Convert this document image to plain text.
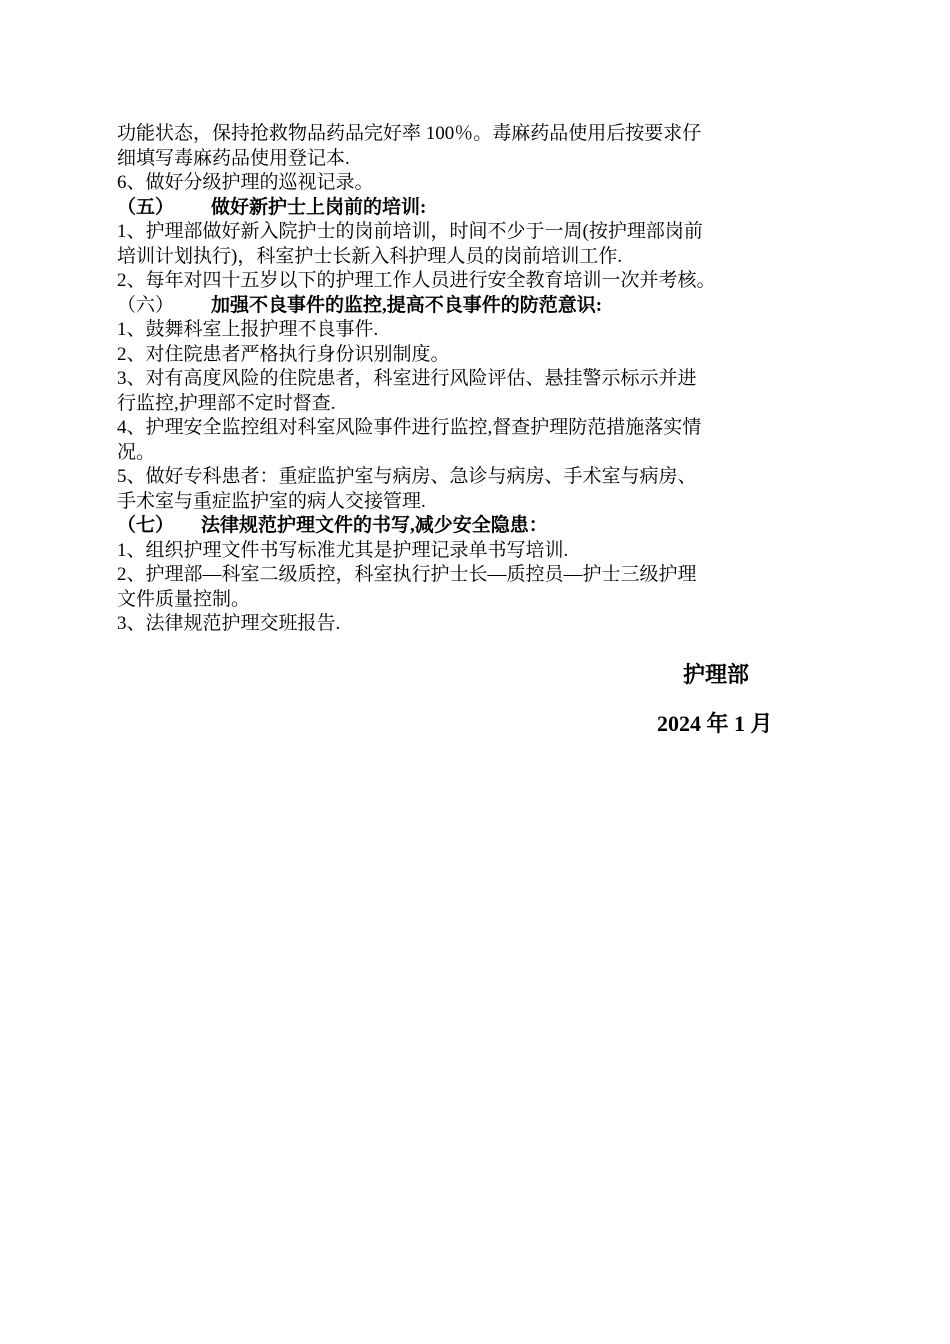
功能状态，保持抢救物品药品完好率 100％。毒麻药品使用后按要求仔

细填写毒麻药品使用登记本.

6、做好分级护理的巡视记录。

（五） 做好新护士上岗前的培训:

1、护理部做好新入院护士的岗前培训，时间不少于一周(按护理部岗前

培训计划执行)，科室护士长新入科护理人员的岗前培训工作.

2、每年对四十五岁以下的护理工作人员进行安全教育培训一次并考核。

（六） 加强不良事件的监控,提高不良事件的防范意识:

1、鼓舞科室上报护理不良事件.

2、对住院患者严格执行身份识别制度。

3、对有高度风险的住院患者，科室进行风险评估、悬挂警示标示并进

行监控,护理部不定时督查.

4、护理安全监控组对科室风险事件进行监控,督查护理防范措施落实情

况。

5、做好专科患者：重症监护室与病房、急诊与病房、手术室与病房、

手术室与重症监护室的病人交接管理.

（七） 法律规范护理文件的书写,减少安全隐患：

1、组织护理文件书写标准尤其是护理记录单书写培训.

2、护理部—科室二级质控，科室执行护士长—质控员—护士三级护理

文件质量控制。

3、法律规范护理交班报告.

护理部
2024 年 1 月
